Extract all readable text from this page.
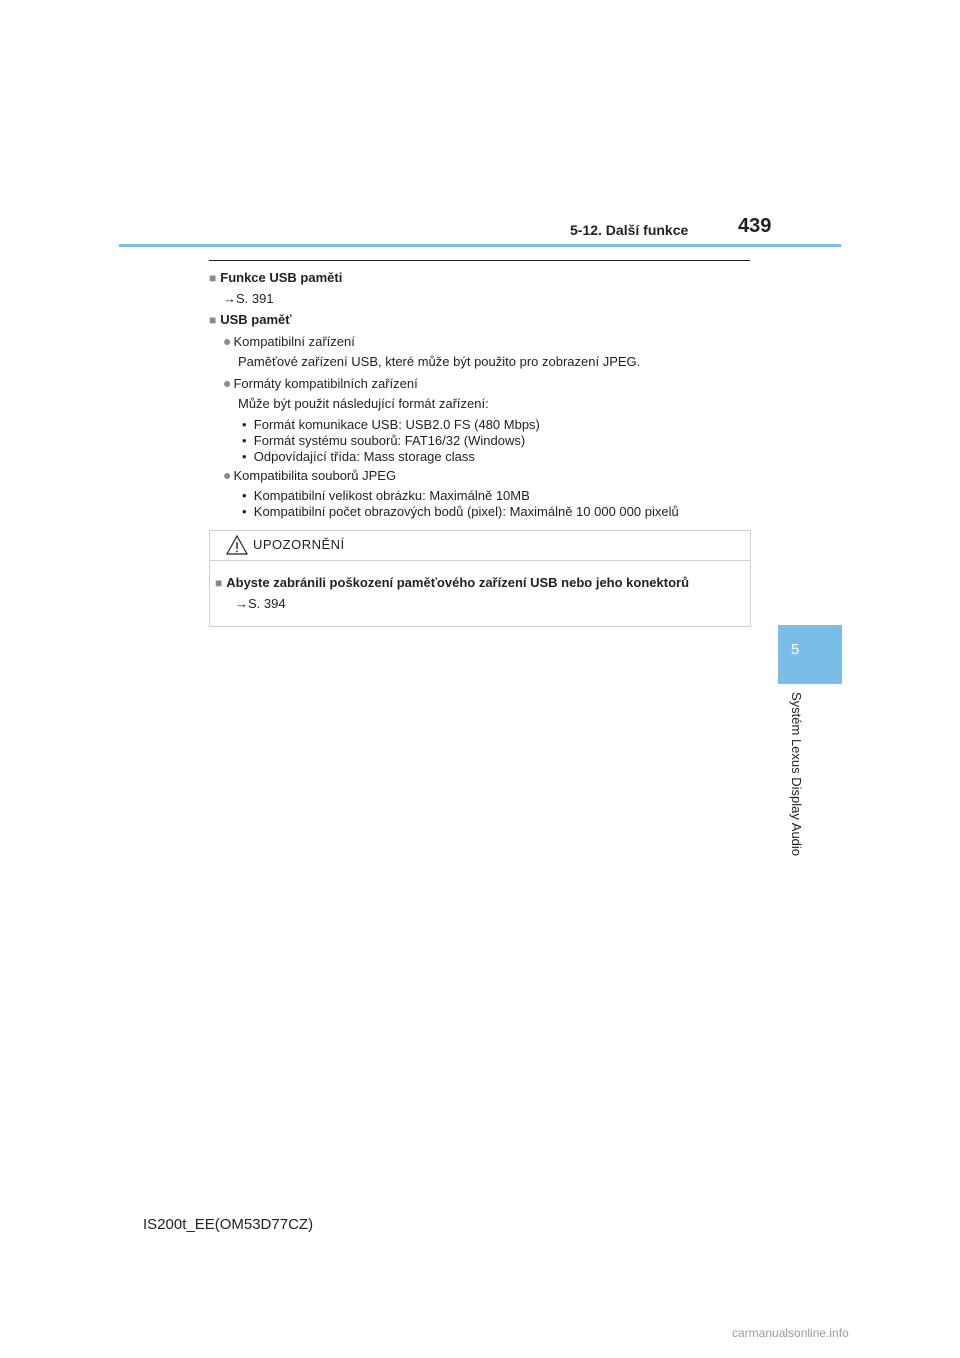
5-12. Další funkce 439
5
Systém Lexus Display Audio
■ Funkce USB paměti
→S. 391
■ USB paměť
● Kompatibilní zařízení
Paměťové zařízení USB, které může být použito pro zobrazení JPEG.
● Formáty kompatibilních zařízení
Může být použit následující formát zařízení:
•  Formát komunikace USB: USB2.0 FS (480 Mbps)
•  Formát systému souborů: FAT16/32 (Windows)
•  Odpovídající třída: Mass storage class
● Kompatibilita souborů JPEG
•  Kompatibilní velikost obrázku: Maximálně 10MB
•  Kompatibilní počet obrazových bodů (pixel): Maximálně 10 000 000 pixelů
UPOZORNĚNÍ
■ Abyste zabránili poškození paměťového zařízení USB nebo jeho konektorů
→S. 394
IS200t_EE(OM53D77CZ)
carmanualsonline.info
